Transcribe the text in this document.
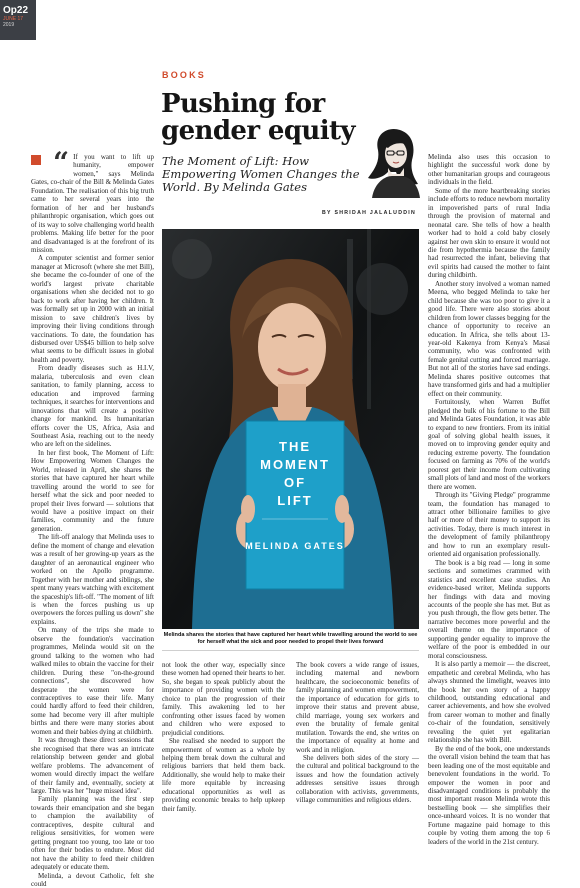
Op22
JUNE 17
2019
BOOKS
Pushing for gender equity
The Moment of Lift: How Empowering Women Changes the World. By Melinda Gates
BY SHRIDAH JALALUDDIN
“ If you want to lift up humanity, empower women," says Melinda Gates, co-chair of the Bill & Melinda Gates Foundation. The realisation of this big truth came to her several years into the formation of her and her husband's philanthropic organisation, which goes out of its way to solve challenging world health problems. Making life better for the poor and disadvantaged is at the forefront of its mission.

A computer scientist and former senior manager at Microsoft (where she met Bill), she became the co-founder of one of the world's largest private charitable organisations when she decided not to go back to work after having her children. It was formally set up in 2000 with an initial mission to save children's lives by improving their living conditions through vaccinations. To date, the foundation has disbursed over US$45 billion to help solve what seems to be difficult issues in global health and poverty.

From deadly diseases such as H.I.V, malaria, tuberculosis and even clean sanitation, to family planning, access to education and improved farming techniques, it searches for interventions and innovations that will create a positive change for mankind. Its humanitarian efforts cover the US, Africa, Asia and Southeast Asia, reaching out to the needy who are left on the sidelines.

In her first book, The Moment of Lift: How Empowering Women Changes the World, released in April, she shares the stories that have captured her heart while travelling around the world to see for herself what the sick and poor needed to propel their lives forward — solutions that would have a positive impact on their families, community and the future generation.

The lift-off analogy that Melinda uses to define the moment of change and elevation was a result of her growing-up years as the daughter of an aeronautical engineer who worked on the Apollo programme. Together with her mother and siblings, she spent many years watching with excitement the spaceship's lift-off. "The moment of lift is when the forces pushing us up overpowers the forces pulling us down" she explains.

On many of the trips she made to observe the foundation's vaccination programmes, Melinda would sit on the ground talking to the women who had walked miles to obtain the vaccine for their children. During these "on-the-ground connections", she discovered how desperate the women were for contraceptives to ease their life. Many could hardly afford to feed their children, some had become very ill after multiple births and there were many stories about women and their babies dying at childbirth.

It was through these direct sessions that she recognised that there was an intricate relationship between gender and global welfare problems. The advancement of women would directly impact the welfare of their family and, eventually, society at large. This was her "huge missed idea".

Family planning was the first step towards their emancipation and she began to champion the availability of contraceptives, despite cultural and religious sensitivities, for women were getting pregnant too young, too late or too often for their bodies to endure. Most did not have the ability to feed their children adequately or educate them.

Melinda, a devout Catholic, felt she could

THE
MOMENT
OF
LIFT
MELINDA GATES
Melinda shares the stories that have captured her heart while travelling around the world to see for herself what the sick and poor needed to propel their lives forward

not look the other way, especially since these women had opened their hearts to her. So, she began to speak publicly about the importance of providing women with the choice to plan the progression of their family. This awakening led to her confronting other issues faced by women and children who were exposed to prejudicial conditions.

She realised she needed to support the empowerment of women as a whole by helping them break down the cultural and religious barriers that held them back. Additionally, she would help to make their life more equitable by increasing educational opportunities as well as providing economic breaks to help upkeep their family.

The book covers a wide range of issues, including maternal and newborn healthcare, the socioeconomic benefits of family planning and women empowerment, the importance of education for girls to improve their status and prevent abuse, child marriage, young sex workers and even the brutality of female genital mutilation. Towards the end, she writes on the importance of equality at home and work and in religion.

She delivers both sides of the story — the cultural and political background to the issues and how the foundation actively addresses sensitive issues through collaboration with activists, governments, village communities and religious elders.

Melinda also uses this occasion to highlight the successful work done by other humanitarian groups and courageous individuals in the field.

Some of the more heartbreaking stories include efforts to reduce newborn mortality in impoverished parts of rural India through the provision of maternal and neonatal care. She tells of how a health worker had to hold a cold baby closely against her own skin to ensure it would not die from hypothermia because the family had resurrected the infant, believing that evil spirits had caused the mother to faint during childbirth.

Another story involved a woman named Meena, who begged Melinda to take her child because she was too poor to give it a good life. There were also stories about children from lower classes begging for the chance of opportunity to receive an education. In Africa, she tells about 13-year-old Kakenya from Kenya's Masai community, who was confronted with female genital cutting and forced marriage. But not all of the stories have sad endings. Melinda shares positive outcomes that have transformed girls and had a multiplier effect on their community.

Fortuitously, when Warren Buffet pledged the bulk of his fortune to the Bill and Melinda Gates Foundation, it was able to expand to new frontiers. From its initial goal of solving global health issues, it moved on to improving gender equity and reducing extreme poverty. The foundation focused on farming as 70% of the world's poorest get their income from cultivating small plots of land and most of the workers there are women.

Through its "Giving Pledge" programme team, the foundation has managed to attract other billionaire families to give half or more of their money to support its activities. Today, there is much interest in the development of family philanthropy and how to run an exemplary result-oriented aid organisation professionally.

The book is a big read — long in some sections and sometimes crammed with statistics and excellent case studies. An evidence-based writer, Melinda supports her findings with data and moving accounts of the people she has met. But as you push through, the flow gets better. The narrative becomes more powerful and the overall theme on the importance of supporting gender equality to improve the welfare of the poor is embedded in our moral consciousness.

It is also partly a memoir — the discreet, empathetic and cerebral Melinda, who has always shunned the limelight, weaves into the book her own story of a happy childhood, outstanding educational and career achievements, and how she evolved from career woman to mother and finally co-chair of the foundation, sensitively revealing the quiet yet egalitarian relationship she has with Bill.

By the end of the book, one understands the overall vision behind the team that has been leading one of the most equitable and benevolent foundations in the world. To empower the women in poor and disadvantaged conditions is probably the most important reason Melinda wrote this bestselling book — she simplifies their once-unheard voices. It is no wonder that Fortune magazine paid homage to this couple by voting them among the top 6 leaders of the world in the 21st century.
